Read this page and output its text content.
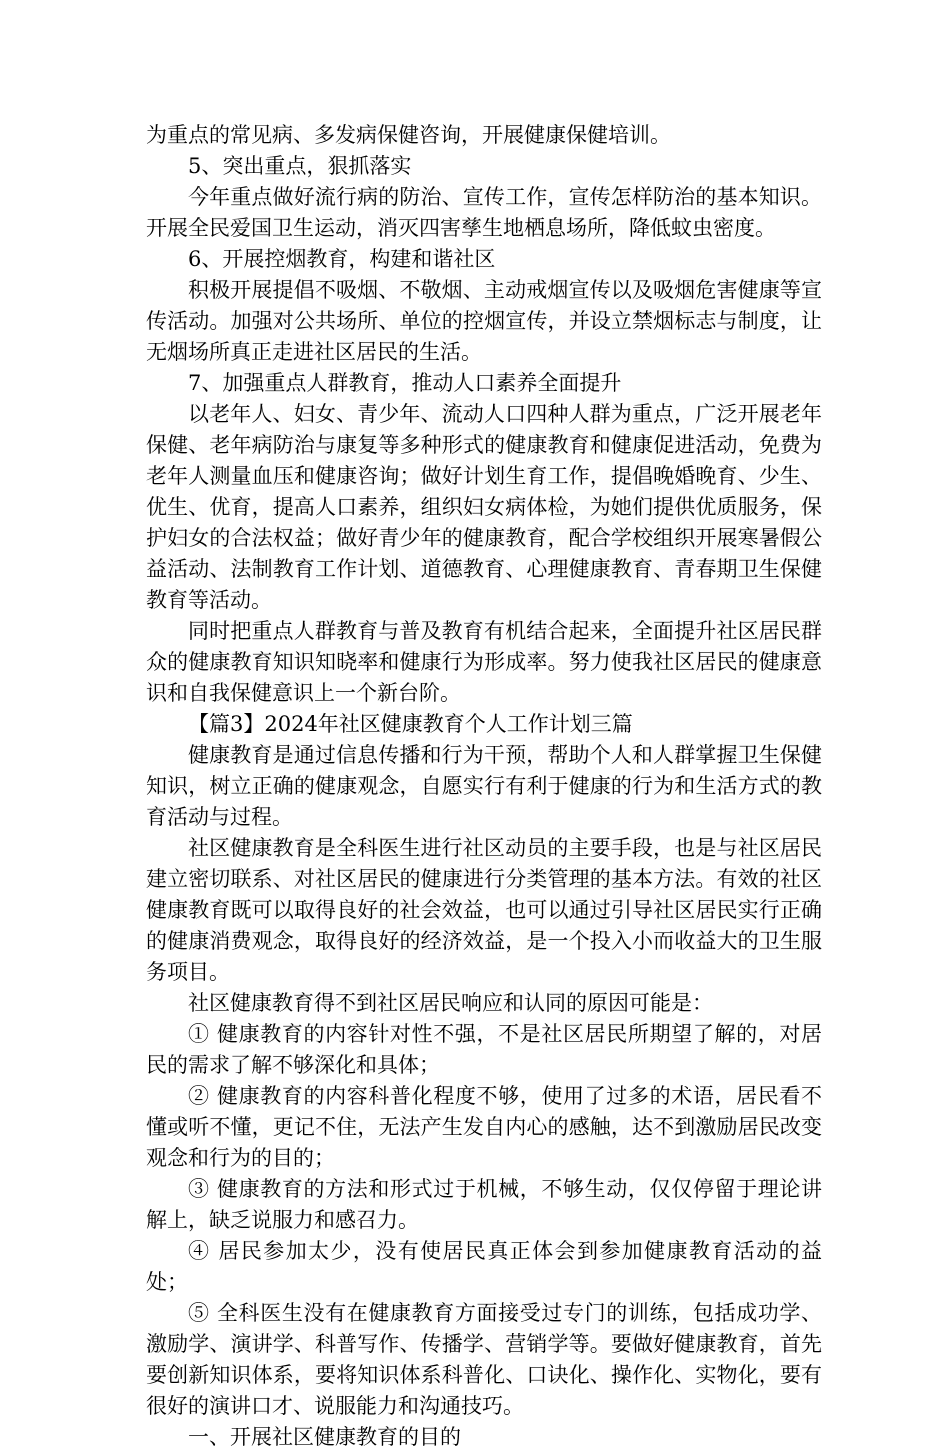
为重点的常见病、多发病保健咨询，开展健康保健培训。

5、突出重点，狠抓落实

今年重点做好流行病的防治、宣传工作，宣传怎样防治的基本知识。开展全民爱国卫生运动，消灭四害孳生地栖息场所，降低蚊虫密度。

6、开展控烟教育，构建和谐社区

积极开展提倡不吸烟、不敬烟、主动戒烟宣传以及吸烟危害健康等宣传活动。加强对公共场所、单位的控烟宣传，并设立禁烟标志与制度，让无烟场所真正走进社区居民的生活。

7、加强重点人群教育，推动人口素养全面提升

以老年人、妇女、青少年、流动人口四种人群为重点，广泛开展老年保健、老年病防治与康复等多种形式的健康教育和健康促进活动，免费为老年人测量血压和健康咨询；做好计划生育工作，提倡晚婚晚育、少生、优生、优育，提高人口素养，组织妇女病体检，为她们提供优质服务，保护妇女的合法权益；做好青少年的健康教育，配合学校组织开展寒暑假公益活动、法制教育工作计划、道德教育、心理健康教育、青春期卫生保健教育等活动。

同时把重点人群教育与普及教育有机结合起来，全面提升社区居民群众的健康教育知识知晓率和健康行为形成率。努力使我社区居民的健康意识和自我保健意识上一个新台阶。

【篇3】2024年社区健康教育个人工作计划三篇

健康教育是通过信息传播和行为干预，帮助个人和人群掌握卫生保健知识，树立正确的健康观念，自愿实行有利于健康的行为和生活方式的教育活动与过程。

社区健康教育是全科医生进行社区动员的主要手段，也是与社区居民建立密切联系、对社区居民的健康进行分类管理的基本方法。有效的社区健康教育既可以取得良好的社会效益，也可以通过引导社区居民实行正确的健康消费观念，取得良好的经济效益，是一个投入小而收益大的卫生服务项目。

社区健康教育得不到社区居民响应和认同的原因可能是：

① 健康教育的内容针对性不强，不是社区居民所期望了解的，对居民的需求了解不够深化和具体；

② 健康教育的内容科普化程度不够，使用了过多的术语，居民看不懂或听不懂，更记不住，无法产生发自内心的感触，达不到激励居民改变观念和行为的目的；

③ 健康教育的方法和形式过于机械，不够生动，仅仅停留于理论讲解上，缺乏说服力和感召力。

④ 居民参加太少，没有使居民真正体会到参加健康教育活动的益处；

⑤ 全科医生没有在健康教育方面接受过专门的训练，包括成功学、激励学、演讲学、科普写作、传播学、营销学等。要做好健康教育，首先要创新知识体系，要将知识体系科普化、口诀化、操作化、实物化，要有很好的演讲口才、说服能力和沟通技巧。

一、开展社区健康教育的目的
